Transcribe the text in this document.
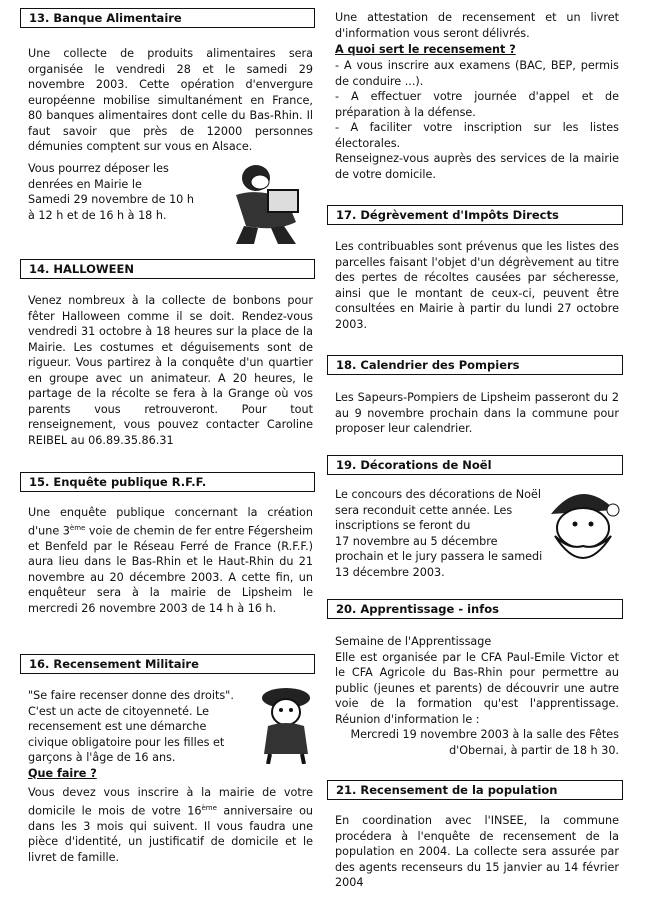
13. Banque Alimentaire
Une collecte de produits alimentaires sera organisée le vendredi 28 et le samedi 29 novembre 2003. Cette opération d'envergure européenne mobilise simultanément en France, 80 banques alimentaires dont celle du Bas-Rhin. Il faut savoir que près de 12000 personnes démunies comptent sur vous en Alsace.
Vous pourrez déposer les
denrées en Mairie le
Samedi 29 novembre de 10 h
à 12 h et de 16 h à 18 h.
14. HALLOWEEN
Venez nombreux à la collecte de bonbons pour fêter Halloween comme il se doit. Rendez-vous vendredi 31 octobre à 18 heures sur la place de la Mairie. Les costumes et déguisements sont de rigueur. Vous partirez à la conquête d'un quartier en groupe avec un animateur. A 20 heures, le partage de la récolte se fera à la Grange où vos parents vous retrouveront. Pour tout renseignement, vous pouvez contacter Caroline REIBEL au 06.89.35.86.31
15. Enquête publique R.F.F.
Une enquête publique concernant la création d'une 3ème voie de chemin de fer entre Fégersheim et Benfeld par le Réseau Ferré de France (R.F.F.) aura lieu dans le Bas-Rhin et le Haut-Rhin du 21 novembre au 20 décembre 2003. A cette fin, un enquêteur sera à la mairie de Lipsheim le mercredi 26 novembre 2003 de 14 h à 16 h.
16. Recensement Militaire
"Se faire recenser donne des droits".
C'est un acte de citoyenneté. Le
recensement est une démarche
civique obligatoire pour les filles et
garçons à l'âge de 16 ans.
Que faire ?
Vous devez vous inscrire à la mairie de votre domicile le mois de votre 16ème anniversaire ou dans les 3 mois qui suivent. Il vous faudra une pièce d'identité, un justificatif de domicile et le livret de famille.
Une attestation de recensement et un livret d'information vous seront délivrés.
A quoi sert le recensement ?

- A vous inscrire aux examens (BAC, BEP, permis de conduire ...).

- A effectuer votre journée d'appel et de préparation à la défense.

- A faciliter votre inscription sur les listes électorales.

Renseignez-vous auprès des services de la mairie de votre domicile.

17. Dégrèvement d'Impôts Directs
Les contribuables sont prévenus que les listes des parcelles faisant l'objet d'un dégrèvement au titre des pertes de récoltes causées par sécheresse, ainsi que le montant de ceux-ci, peuvent être consultées en Mairie à partir du lundi 27 octobre 2003.
18. Calendrier des Pompiers
Les Sapeurs-Pompiers de Lipsheim passeront du 2 au 9 novembre prochain dans la commune pour proposer leur calendrier.
19. Décorations de Noël
Le concours des décorations de Noël
sera reconduit cette année. Les
inscriptions se feront du
17 novembre au 5 décembre
prochain et le jury passera le samedi
13 décembre 2003.
20. Apprentissage - infos
Semaine de l'Apprentissage
Elle est organisée par le CFA Paul-Emile Victor et le CFA Agricole du Bas-Rhin pour permettre au public (jeunes et parents) de découvrir une autre voie de la formation qu'est l'apprentissage. Réunion d'information le :
Mercredi 19 novembre 2003 à la salle des Fêtes
d'Obernai, à partir de 18 h 30.
21. Recensement de la population
En coordination avec l'INSEE, la commune procédera à l'enquête de recensement de la population en 2004. La collecte sera assurée par des agents recenseurs du 15 janvier au 14 février 2004
